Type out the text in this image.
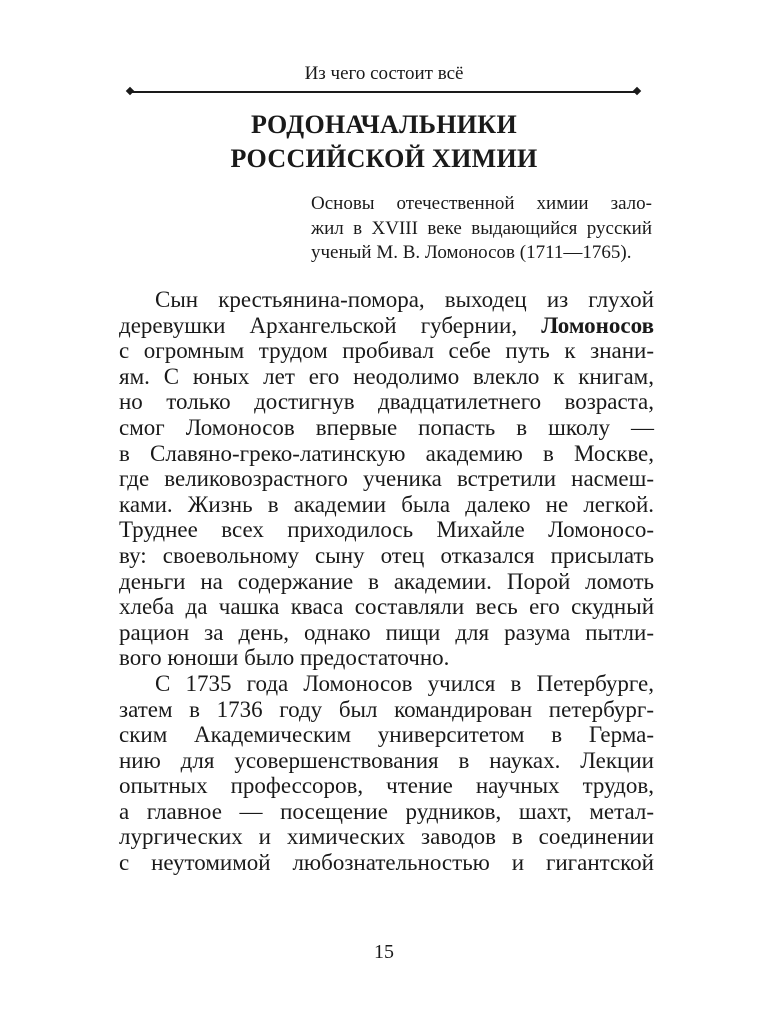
Из чего состоит всё
РОДОНАЧАЛЬНИКИ
РОССИЙСКОЙ ХИМИИ
Основы отечественной химии зало-
жил в XVIII веке выдающийся русский
ученый М. В. Ломоносов (1711—1765).
Сын крестьянина-помора, выходец из глухой
деревушки Архангельской губернии, Ломоносов
с огромным трудом пробивал себе путь к знани-
ям. С юных лет его неодолимо влекло к книгам,
но только достигнув двадцатилетнего возраста,
смог Ломоносов впервые попасть в школу —
в Славяно-греко-латинскую академию в Москве,
где великовозрастного ученика встретили насмеш-
ками. Жизнь в академии была далеко не легкой.
Труднее всех приходилось Михайле Ломоносо-
ву: своевольному сыну отец отказался присылать
деньги на содержание в академии. Порой ломоть
хлеба да чашка кваса составляли весь его скудный
рацион за день, однако пищи для разума пытли-
вого юноши было предостаточно.
С 1735 года Ломоносов учился в Петербурге,
затем в 1736 году был командирован петербург-
ским Академическим университетом в Герма-
нию для усовершенствования в науках. Лекции
опытных профессоров, чтение научных трудов,
а главное — посещение рудников, шахт, метал-
лургических и химических заводов в соединении
с неутомимой любознательностью и гигантской
15
